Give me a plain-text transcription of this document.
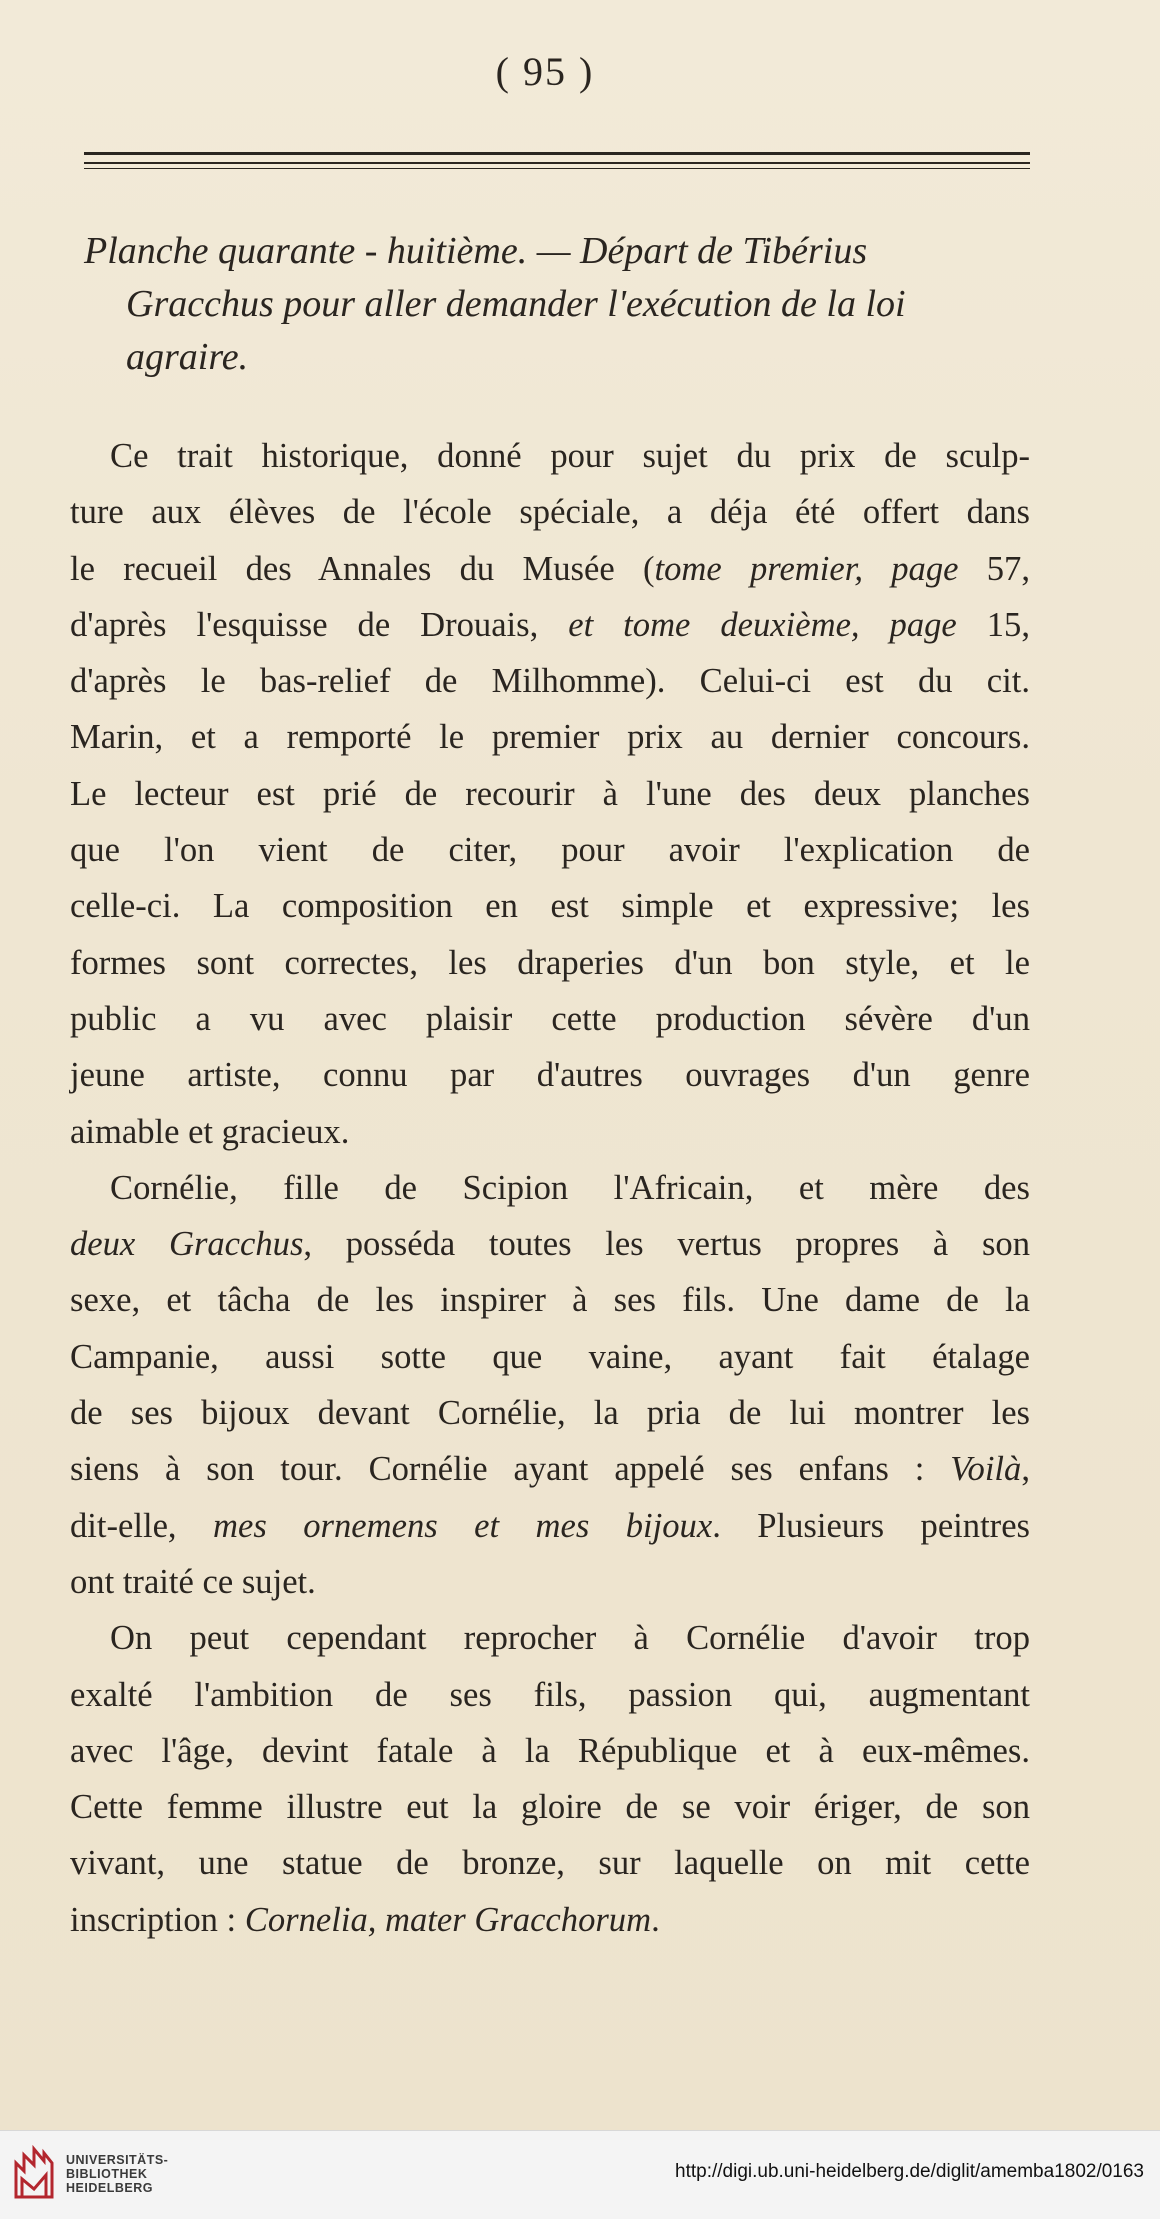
( 95 )
Planche quarante - huitième. — Départ de Tibérius
Gracchus pour aller demander l'exécution de la loi
agraire.
Ce trait historique, donné pour sujet du prix de sculp-
ture aux élèves de l'école spéciale, a déja été offert dans
le recueil des Annales du Musée (tome premier, page 57,
d'après l'esquisse de Drouais, et tome deuxième, page 15,
d'après le bas-relief de Milhomme). Celui-ci est du cit.
Marin, et a remporté le premier prix au dernier concours.
Le lecteur est prié de recourir à l'une des deux planches
que l'on vient de citer, pour avoir l'explication de
celle-ci. La composition en est simple et expressive; les
formes sont correctes, les draperies d'un bon style, et le
public a vu avec plaisir cette production sévère d'un
jeune artiste, connu par d'autres ouvrages d'un genre
aimable et gracieux.
Cornélie, fille de Scipion l'Africain, et mère des
deux Gracchus, posséda toutes les vertus propres à son
sexe, et tâcha de les inspirer à ses fils. Une dame de la
Campanie, aussi sotte que vaine, ayant fait étalage
de ses bijoux devant Cornélie, la pria de lui montrer les
siens à son tour. Cornélie ayant appelé ses enfans : Voilà,
dit-elle, mes ornemens et mes bijoux. Plusieurs peintres
ont traité ce sujet.
On peut cependant reprocher à Cornélie d'avoir trop
exalté l'ambition de ses fils, passion qui, augmentant
avec l'âge, devint fatale à la République et à eux-mêmes.
Cette femme illustre eut la gloire de se voir ériger, de son
vivant, une statue de bronze, sur laquelle on mit cette
inscription : Cornelia, mater Gracchorum.
UNIVERSITÄTS-
BIBLIOTHEK
HEIDELBERG
http://digi.ub.uni-heidelberg.de/diglit/amemba1802/0163
